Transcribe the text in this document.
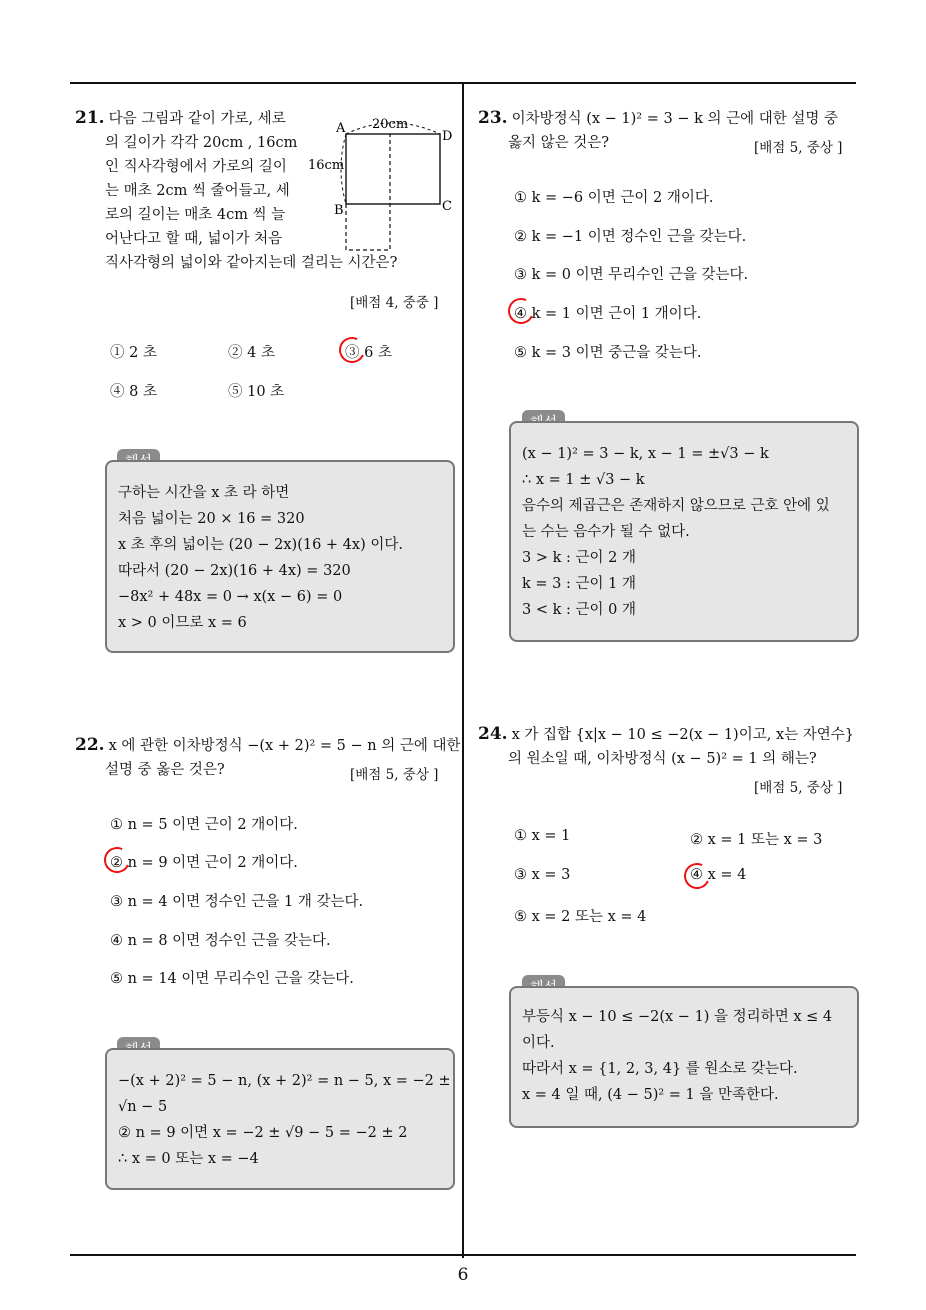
21. 다음 그림과 같이 가로, 세로
의 길이가 각각 20cm , 16cm
인 직사각형에서 가로의 길이
는 매초 2cm 씩 줄어들고, 세
로의 길이는 매초 4cm 씩 늘
어난다고 할 때, 넓이가 처음
직사각형의 넓이와 같아지는데 걸리는 시간은?
[배점 4, 중중 ]
A
D
C
B
20cm
16cm
① 2 초	② 4 초	③ 6 초
④ 8 초	⑤ 10 초
구하는 시간을 x 초 라 하면
처음 넓이는 20 × 16 = 320
x 초 후의 넓이는 (20 − 2x)(16 + 4x) 이다.
따라서 (20 − 2x)(16 + 4x) = 320
−8x² + 48x = 0 → x(x − 6) = 0
x > 0 이므로 x = 6
22. x 에 관한 이차방정식 −(x + 2)² = 5 − n 의 근에 대한
설명 중 옳은 것은?	[배점 5, 중상 ]
① n = 5 이면 근이 2 개이다.
② n = 9 이면 근이 2 개이다.
③ n = 4 이면 정수인 근을 1 개 갖는다.
④ n = 8 이면 정수인 근을 갖는다.
⑤ n = 14 이면 무리수인 근을 갖는다.
−(x + 2)² = 5 − n, (x + 2)² = n − 5, x = −2 ±
√n − 5
② n = 9 이면 x = −2 ± √9 − 5 = −2 ± 2
∴ x = 0 또는 x = −4
23. 이차방정식 (x − 1)² = 3 − k 의 근에 대한 설명 중
옳지 않은 것은?	[배점 5, 중상 ]
① k = −6 이면 근이 2 개이다.
② k = −1 이면 정수인 근을 갖는다.
③ k = 0 이면 무리수인 근을 갖는다.
④ k = 1 이면 근이 1 개이다.
⑤ k = 3 이면 중근을 갖는다.
(x − 1)² = 3 − k, x − 1 = ±√3 − k
∴ x = 1 ± √3 − k
음수의 제곱근은 존재하지 않으므로 근호 안에 있
는 수는 음수가 될 수 없다.
3 > k : 근이 2 개
k = 3 : 근이 1 개
3 < k : 근이 0 개
24. x 가 집합 {x|x − 10 ≤ −2(x − 1)이고, x는 자연수}
의 원소일 때, 이차방정식 (x − 5)² = 1 의 해는?
[배점 5, 중상 ]
① x = 1	② x = 1 또는 x = 3
③ x = 3	④ x = 4
⑤ x = 2 또는 x = 4
부등식 x − 10 ≤ −2(x − 1) 을 정리하면 x ≤ 4
이다.
따라서 x = {1, 2, 3, 4} 를 원소로 갖는다.
x = 4 일 때, (4 − 5)² = 1 을 만족한다.
6
